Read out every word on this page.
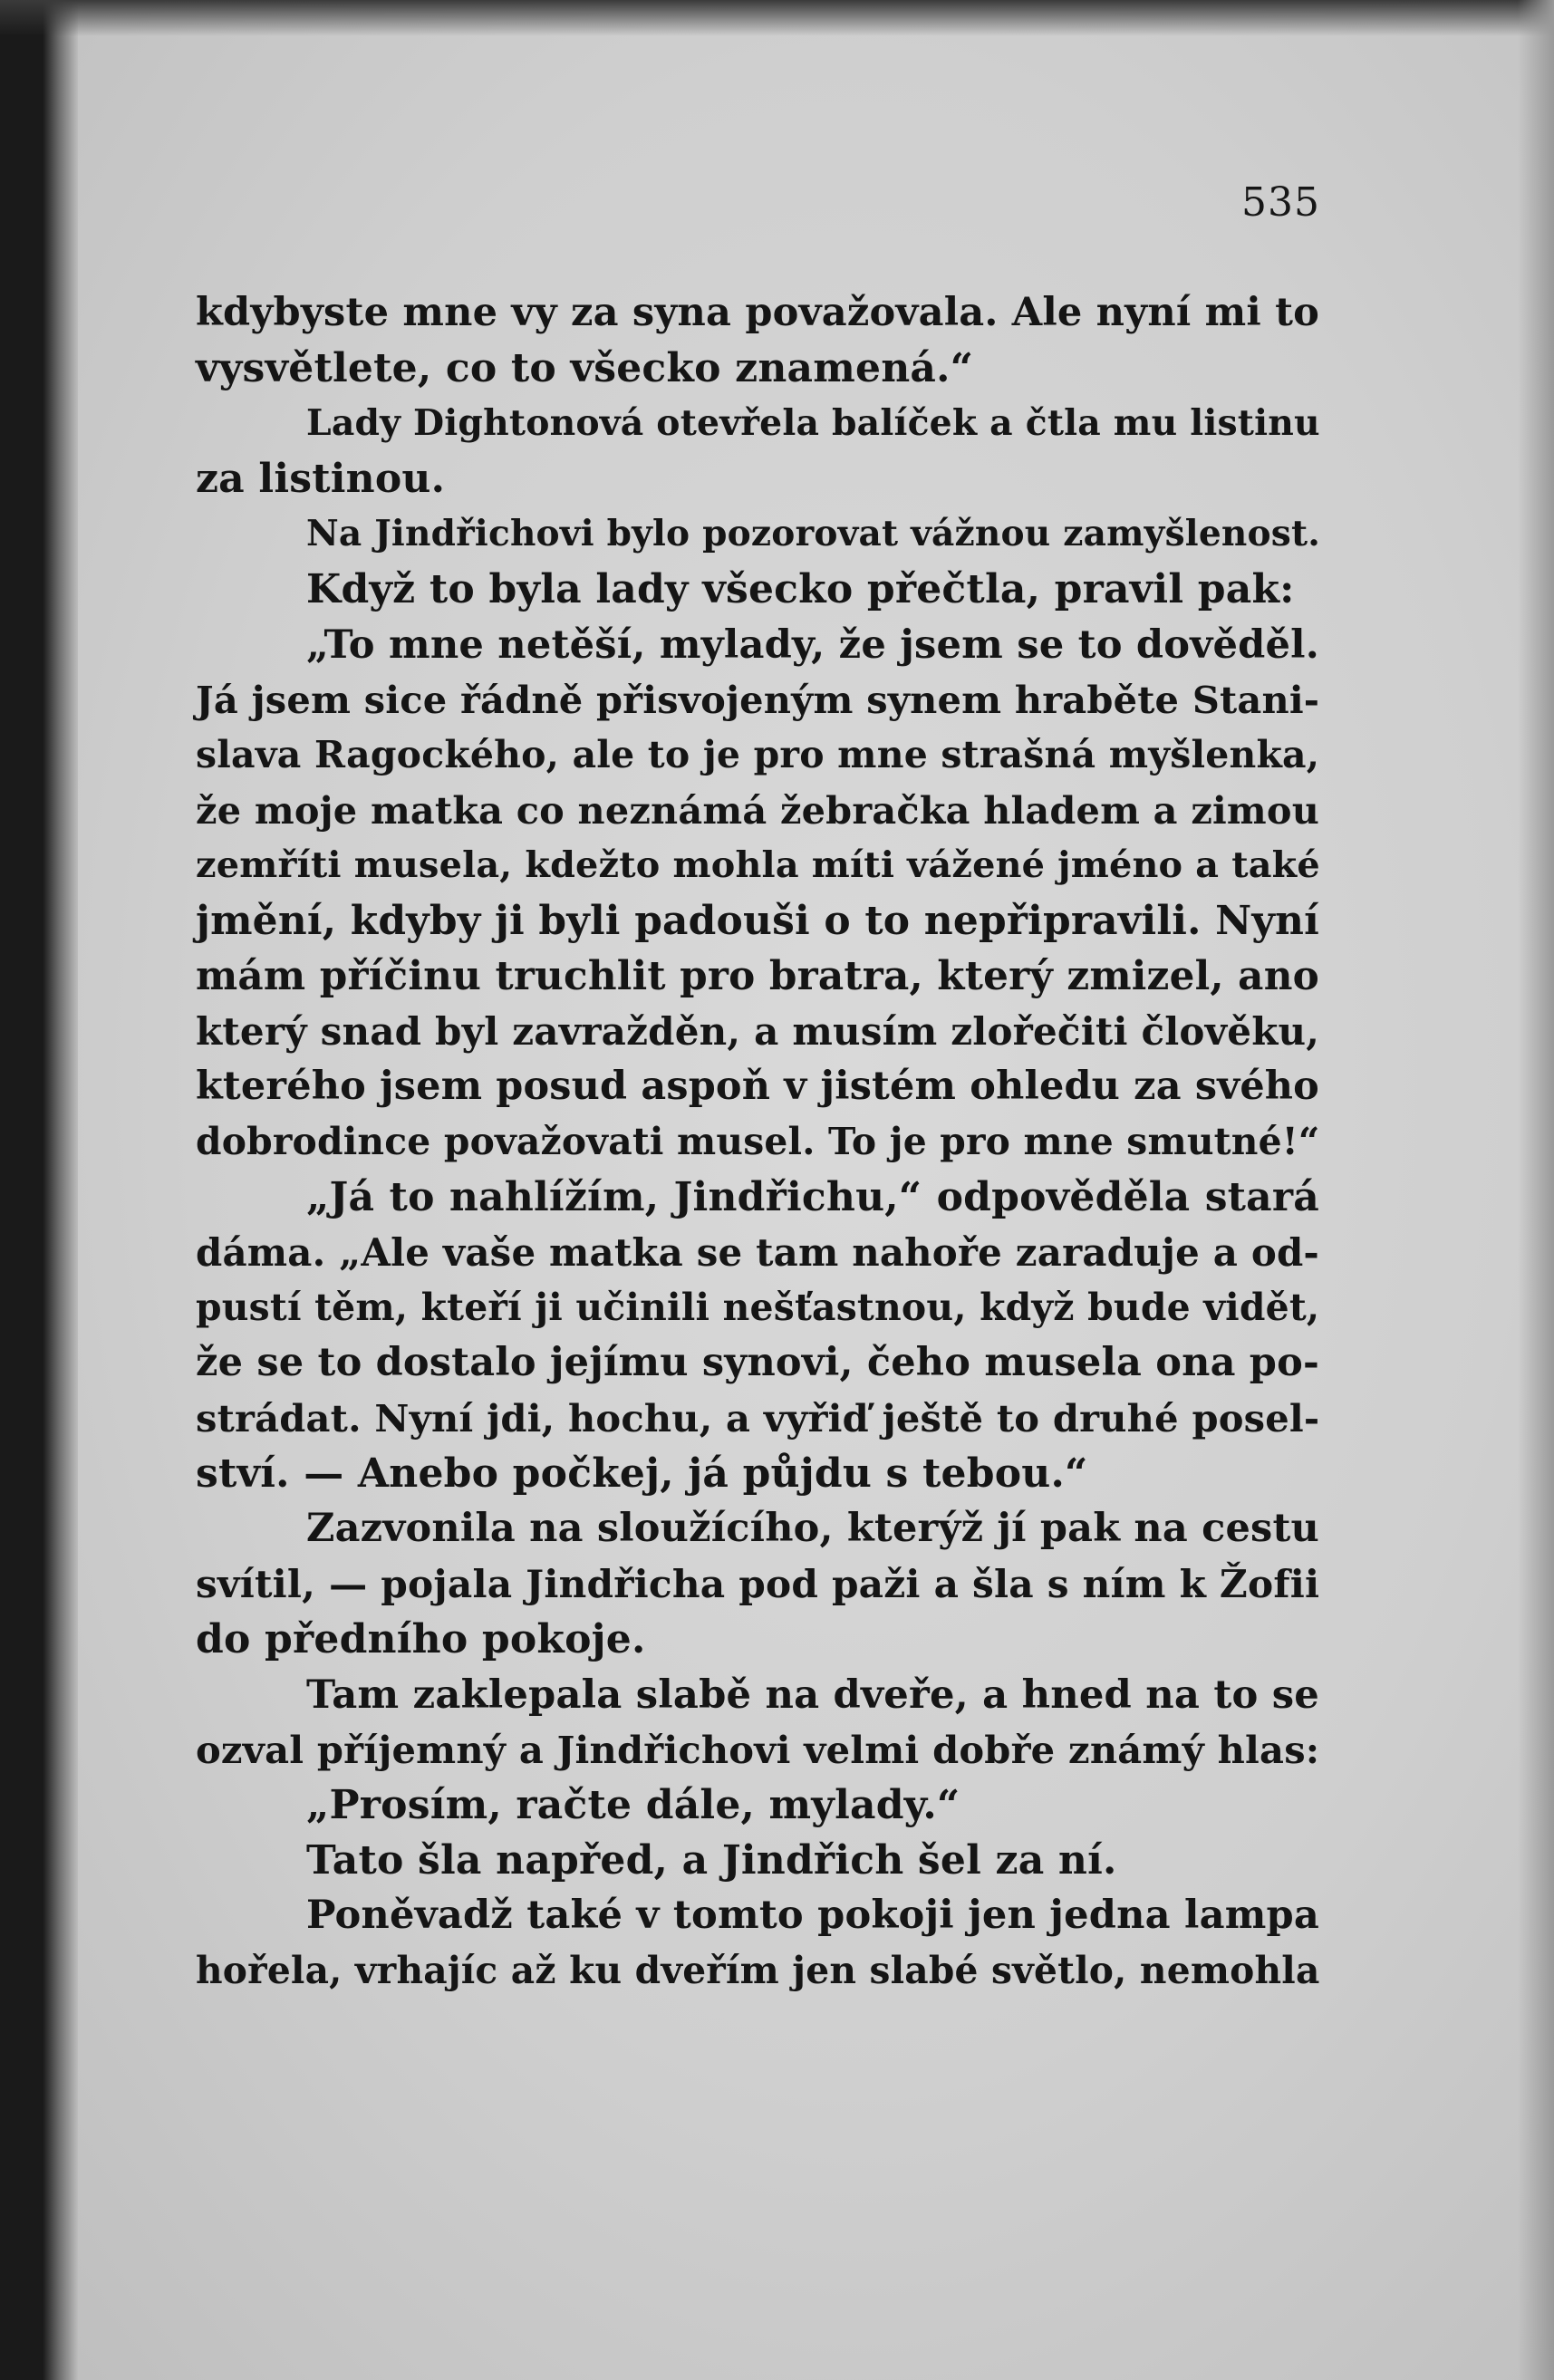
535
kdybyste mne vy za syna považovala. Ale nyní mi to
vysvětlete, co to všecko znamená.“
Lady Dightonová otevřela balíček a čtla mu listinu
za listinou.
Na Jindřichovi bylo pozorovat vážnou zamyšlenost.
Když to byla lady všecko přečtla, pravil pak:
„To mne netěší, mylady, že jsem se to dověděl.
Já jsem sice řádně přisvojeným synem hraběte Stani-
slava Ragockého, ale to je pro mne strašná myšlenka,
že moje matka co neznámá žebračka hladem a zimou
zemříti musela, kdežto mohla míti vážené jméno a také
jmění, kdyby ji byli padouši o to nepřipravili. Nyní
mám příčinu truchlit pro bratra, který zmizel, ano
který snad byl zavražděn, a musím zlořečiti člověku,
kterého jsem posud aspoň v jistém ohledu za svého
dobrodince považovati musel. To je pro mne smutné!“
„Já to nahlížím, Jindřichu,“ odpověděla stará
dáma. „Ale vaše matka se tam nahoře zaraduje a od-
pustí těm, kteří ji učinili nešťastnou, když bude vidět,
že se to dostalo jejímu synovi, čeho musela ona po-
strádat. Nyní jdi, hochu, a vyřiď ještě to druhé posel-
ství. — Anebo počkej, já půjdu s tebou.“
Zazvonila na sloužícího, kterýž jí pak na cestu
svítil, — pojala Jindřicha pod paži a šla s ním k Žofii
do předního pokoje.
Tam zaklepala slabě na dveře, a hned na to se
ozval příjemný a Jindřichovi velmi dobře známý hlas:
„Prosím, račte dále, mylady.“
Tato šla napřed, a Jindřich šel za ní.
Poněvadž také v tomto pokoji jen jedna lampa
hořela, vrhajíc až ku dveřím jen slabé světlo, nemohla
